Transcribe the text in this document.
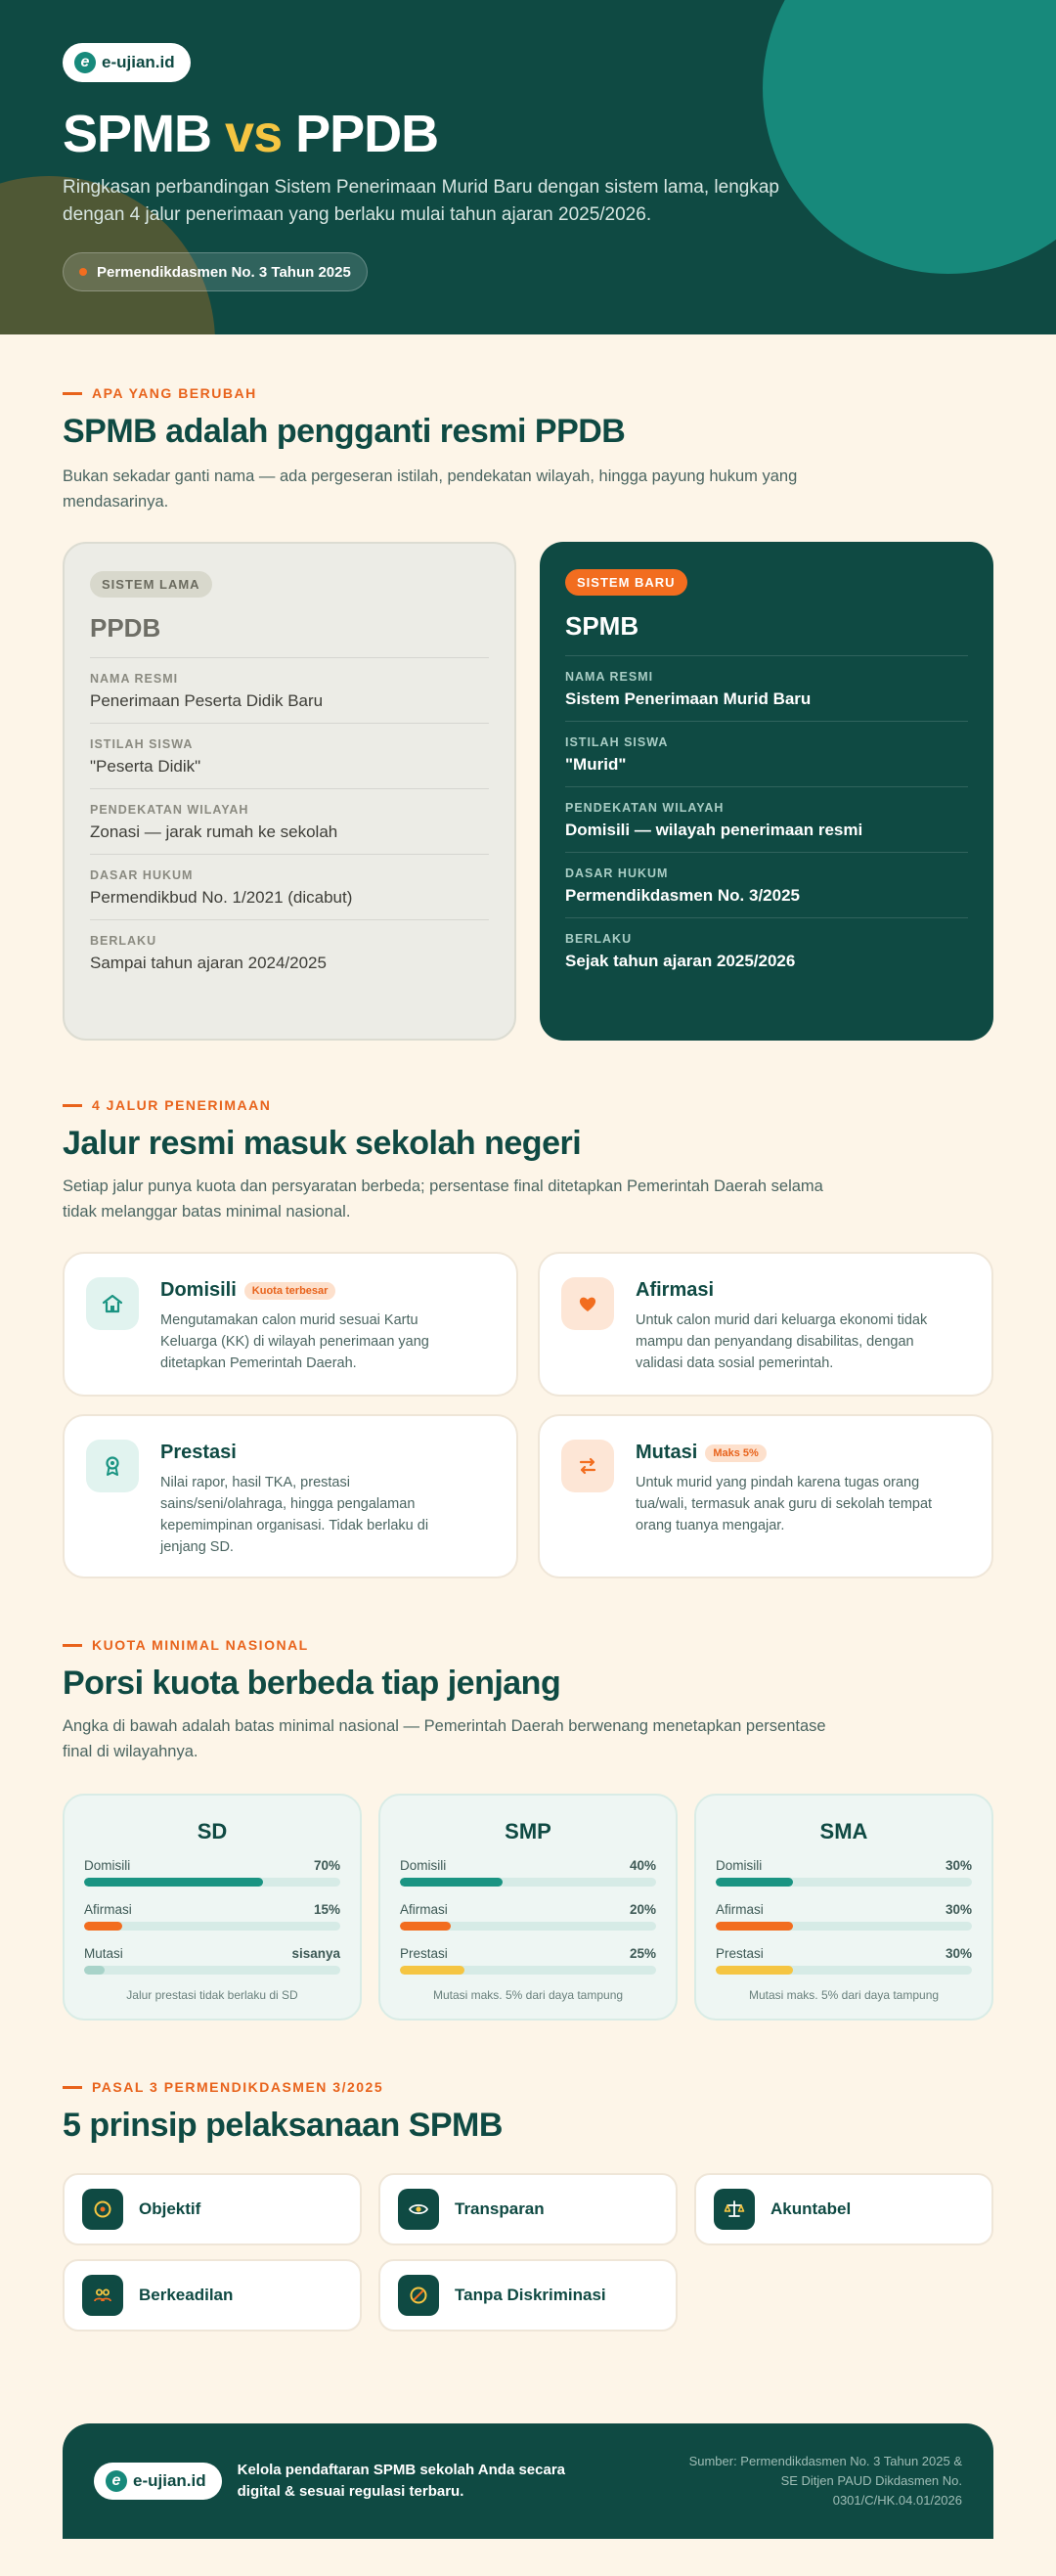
e e-ujian.id
SPMB vs PPDB

Ringkasan perbandingan Sistem Penerimaan Murid Baru dengan sistem lama, lengkap dengan 4 jalur penerimaan yang berlaku mulai tahun ajaran 2025/2026.

Permendikdasmen No. 3 Tahun 2025
APA YANG BERUBAH
SPMB adalah pengganti resmi PPDB

Bukan sekadar ganti nama — ada pergeseran istilah, pendekatan wilayah, hingga payung hukum yang mendasarinya.

SISTEM LAMA
PPDB
NAMA RESMI
Penerimaan Peserta Didik Baru
ISTILAH SISWA
"Peserta Didik"
PENDEKATAN WILAYAH
Zonasi — jarak rumah ke sekolah
DASAR HUKUM
Permendikbud No. 1/2021 (dicabut)
BERLAKU
Sampai tahun ajaran 2024/2025
SISTEM BARU
SPMB
NAMA RESMI
Sistem Penerimaan Murid Baru
ISTILAH SISWA
"Murid"
PENDEKATAN WILAYAH
Domisili — wilayah penerimaan resmi
DASAR HUKUM
Permendikdasmen No. 3/2025
BERLAKU
Sejak tahun ajaran 2025/2026
4 JALUR PENERIMAAN
Jalur resmi masuk sekolah negeri

Setiap jalur punya kuota dan persyaratan berbeda; persentase final ditetapkan Pemerintah Daerah selama tidak melanggar batas minimal nasional.

Domisili	Kuota terbesar

Mengutamakan calon murid sesuai Kartu Keluarga (KK) di wilayah penerimaan yang ditetapkan Pemerintah Daerah.

Afirmasi

Untuk calon murid dari keluarga ekonomi tidak mampu dan penyandang disabilitas, dengan validasi data sosial pemerintah.

Prestasi

Nilai rapor, hasil TKA, prestasi sains/seni/olahraga, hingga pengalaman kepemimpinan organisasi. Tidak berlaku di jenjang SD.

Mutasi	Maks 5%

Untuk murid yang pindah karena tugas orang tua/wali, termasuk anak guru di sekolah tempat orang tuanya mengajar.

KUOTA MINIMAL NASIONAL
Porsi kuota berbeda tiap jenjang

Angka di bawah adalah batas minimal nasional — Pemerintah Daerah berwenang menetapkan persentase final di wilayahnya.

SD
Domisili	70%
Afirmasi	15%
Mutasi	sisanya
Jalur prestasi tidak berlaku di SD
SMP
Domisili	40%
Afirmasi	20%
Prestasi	25%
Mutasi maks. 5% dari daya tampung
SMA
Domisili	30%
Afirmasi	30%
Prestasi	30%
Mutasi maks. 5% dari daya tampung
PASAL 3 PERMENDIKDASMEN 3/2025
5 prinsip pelaksanaan SPMB
Objektif	Transparan	Akuntabel
Berkeadilan	Tanpa Diskriminasi
e e-ujian.id

Kelola pendaftaran SPMB sekolah Anda secara digital & sesuai regulasi terbaru.

Sumber: Permendikdasmen No. 3 Tahun 2025 & SE Ditjen PAUD Dikdasmen No. 0301/C/HK.04.01/2026
